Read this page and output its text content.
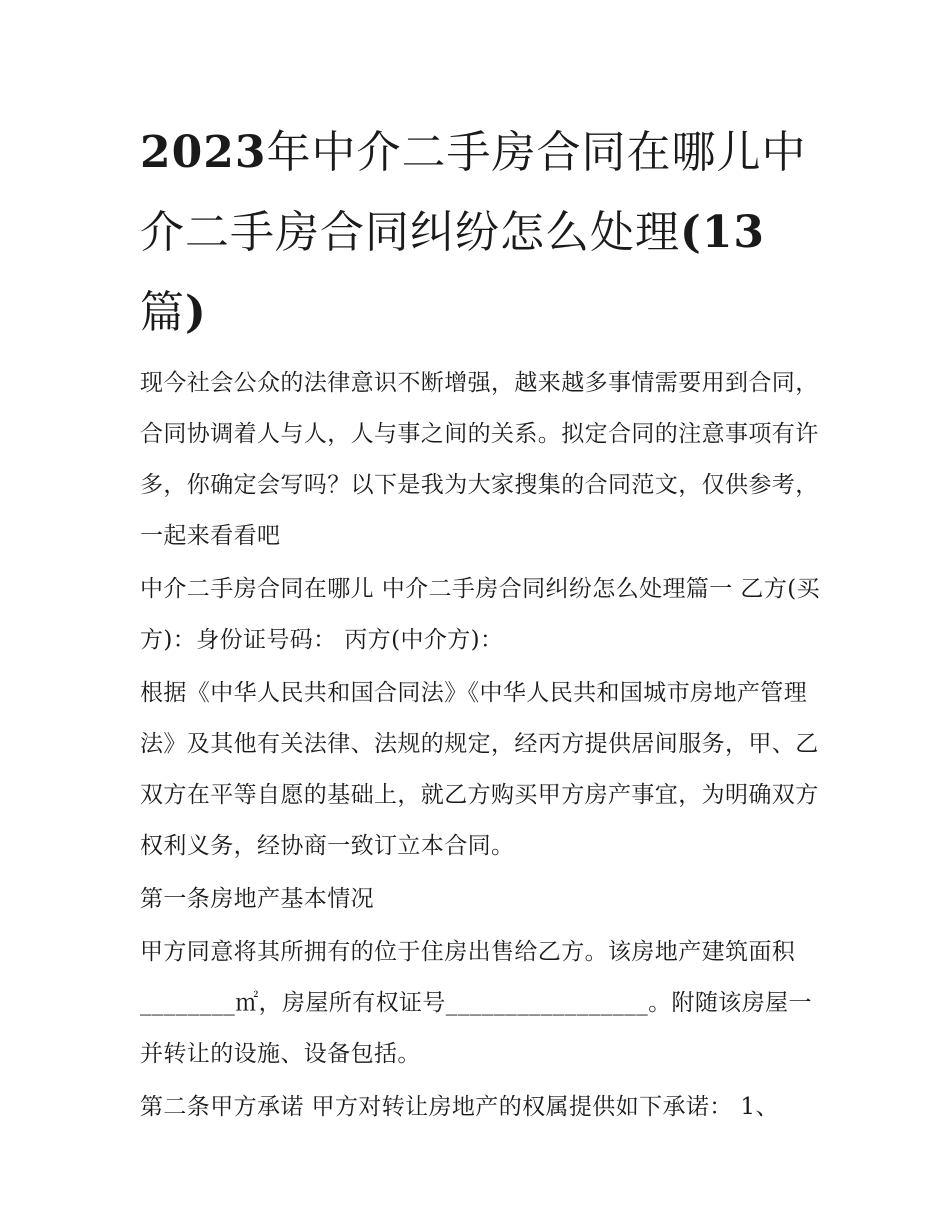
2023年中介二手房合同在哪儿中介二手房合同纠纷怎么处理(13篇)

现今社会公众的法律意识不断增强，越来越多事情需要用到合同，合同协调着人与人，人与事之间的关系。拟定合同的注意事项有许多，你确定会写吗？以下是我为大家搜集的合同范文，仅供参考，一起来看看吧

中介二手房合同在哪儿 中介二手房合同纠纷怎么处理篇一 乙方(买方)：身份证号码： 丙方(中介方)：

根据《中华人民共和国合同法》《中华人民共和国城市房地产管理法》及其他有关法律、法规的规定，经丙方提供居间服务，甲、乙双方在平等自愿的基础上，就乙方购买甲方房产事宜，为明确双方权利义务，经协商一致订立本合同。

第一条房地产基本情况

甲方同意将其所拥有的位于住房出售给乙方。该房地产建筑面积________㎡，房屋所有权证号_________________。附随该房屋一并转让的设施、设备包括。

第二条甲方承诺 甲方对转让房地产的权属提供如下承诺： 1、
